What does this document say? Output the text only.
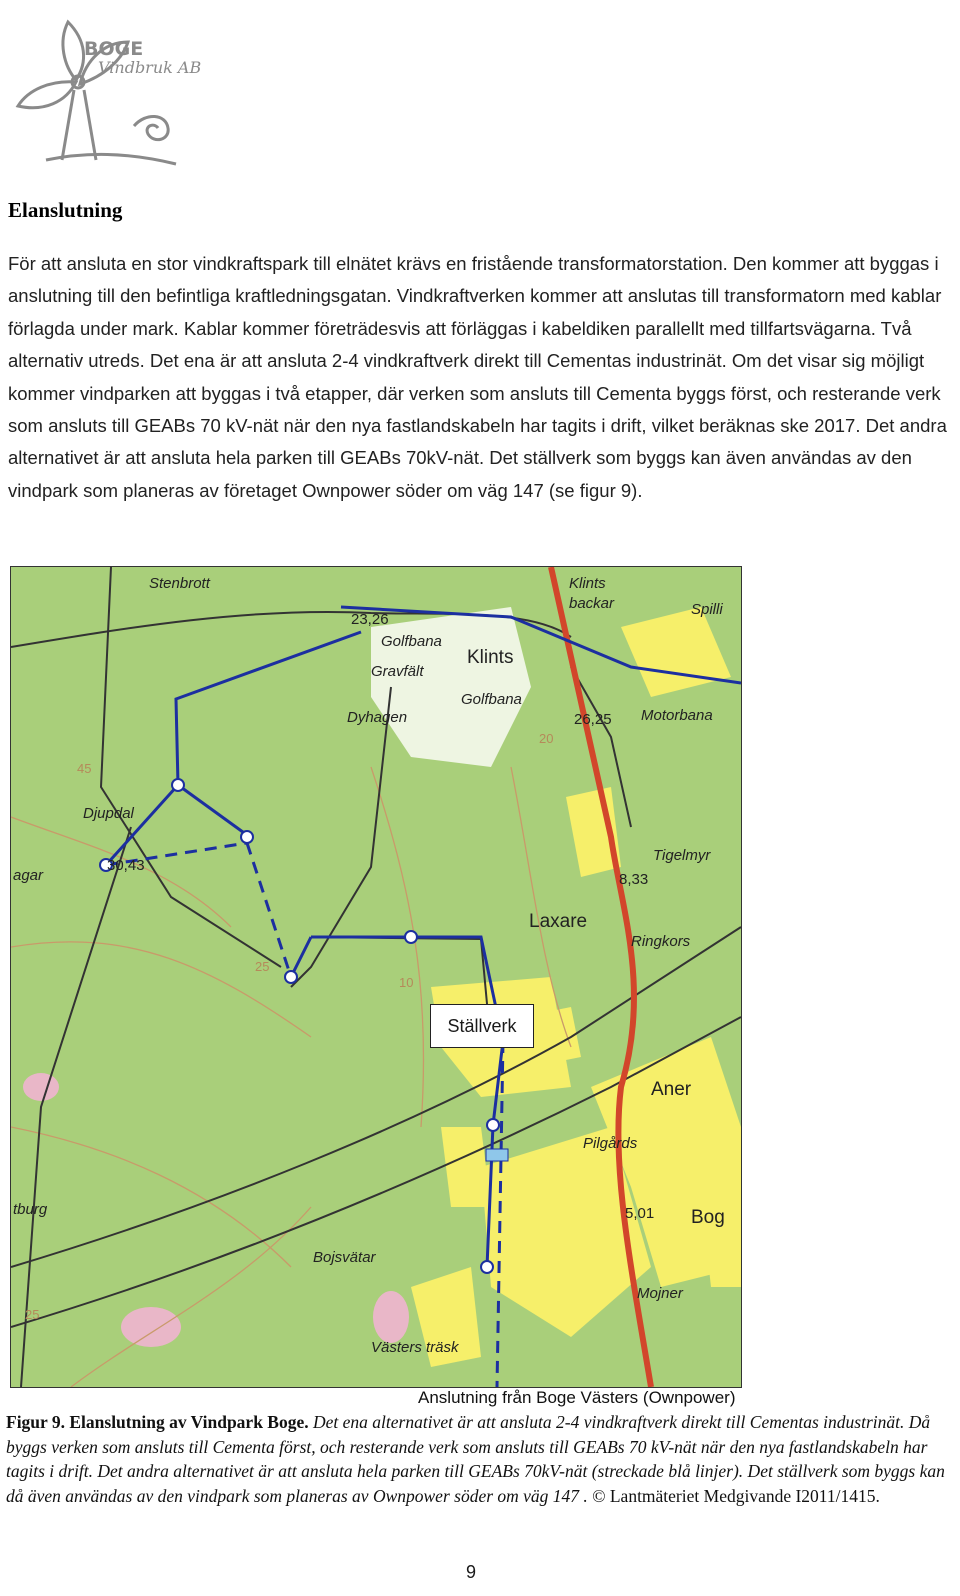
BOGE
Vindbruk AB
Elanslutning

För att ansluta en stor vindkraftspark till elnätet krävs en fristående transformatorstation. Den kommer att byggas i anslutning till den befintliga kraftledningsgatan. Vindkraftverken kommer att anslutas till transformatorn med kablar förlagda under mark. Kablar kommer företrädesvis att förläggas i kabeldiken parallellt med tillfartsvägarna. Två alternativ utreds. Det ena är att ansluta 2-4 vindkraftverk direkt till Cementas industrinät. Om det visar sig möjligt kommer vindparken att byggas i två etapper, där verken som ansluts till Cementa byggs först, och resterande verk som ansluts till GEABs 70 kV-nät när den nya fastlandskabeln har tagits i drift, vilket beräknas ske 2017. Det andra alternativet är att ansluta hela parken till GEABs 70kV-nät. Det ställverk som byggs kan även användas av den vindpark som planeras av företaget Ownpower söder om väg 147 (se figur 9).

Stenbrott	Klints
backar	Spilli
23,26
Golfbana
Gravfält
Klints
Golfbana
Dyhagen	26,25 Motorbana
Djupdal
30,43
agar
Tigelmyr
8,33
Laxare
Ringkors
Aner
Pilgårds
tburg	5,01 Bog
Bojsvätar
Mojner
Västers träsk
45
25
20
10
25
Ställverk
Anslutning från Boge Västers (Ownpower)
Figur 9. Elanslutning av Vindpark Boge. Det ena alternativet är att ansluta 2-4 vindkraftverk direkt till Cementas industrinät. Då byggs verken som ansluts till Cementa först, och resterande verk som ansluts till GEABs 70 kV-nät när den nya fastlandskabeln har tagits i drift. Det andra alternativet är att ansluta hela parken till GEABs 70kV-nät (streckade blå linjer). Det ställverk som byggs kan då även användas av den vindpark som planeras av Ownpower söder om väg 147 . © Lantmäteriet Medgivande I2011/1415.
9
